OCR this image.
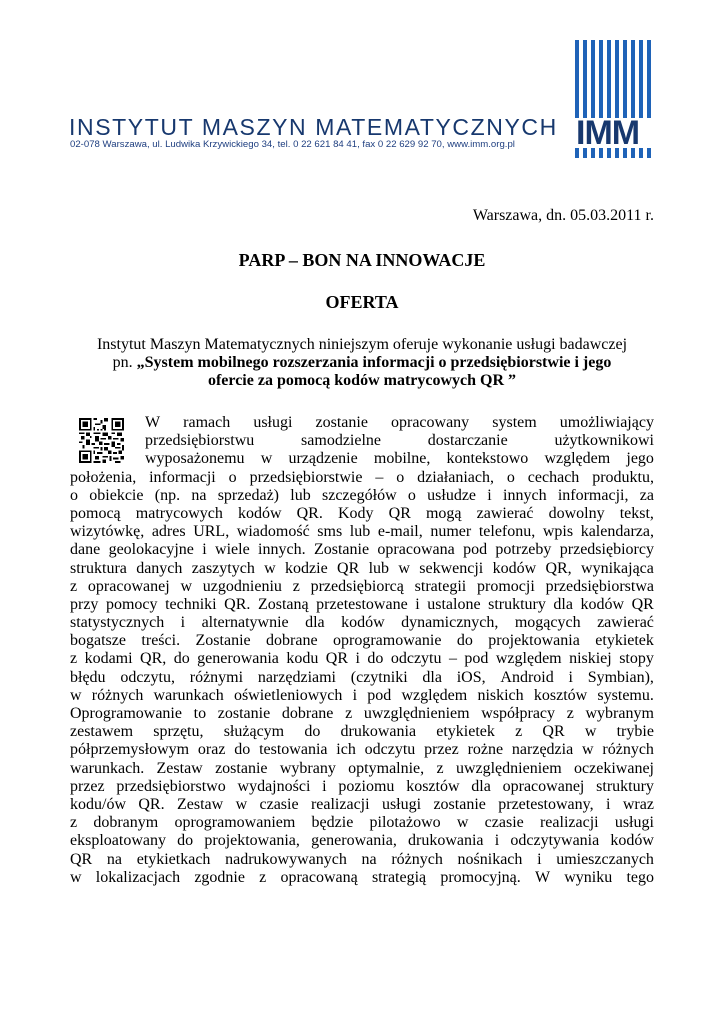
IMM
INSTYTUT MASZYN MATEMATYCZNYCH
02-078 Warszawa, ul. Ludwika Krzywickiego 34, tel. 0 22 621 84 41, fax 0 22 629 92 70, www.imm.org.pl
Warszawa, dn. 05.03.2011 r.
PARP – BON NA INNOWACJE
OFERTA
Instytut Maszyn Matematycznych niniejszym oferuje wykonanie usługi badawczej
pn. „System mobilnego rozszerzania informacji o przedsiębiorstwie i jego
ofercie za pomocą kodów matrycowych QR ”
W ramach usługi zostanie opracowany system umożliwiający
przedsiębiorstwu	samodzielne	dostarczanie	użytkownikowi
wyposażonemu w urządzenie mobilne, kontekstowo względem jego
położenia, informacji o przedsiębiorstwie – o działaniach, o cechach produktu,
o obiekcie (np. na sprzedaż) lub szczegółów o usłudze i innych informacji, za
pomocą matrycowych kodów QR. Kody QR mogą zawierać dowolny tekst,
wizytówkę, adres URL, wiadomość sms lub e-mail, numer telefonu, wpis kalendarza,
dane geolokacyjne i wiele innych. Zostanie opracowana pod potrzeby przedsiębiorcy
struktura danych zaszytych w kodzie QR lub w sekwencji kodów QR, wynikająca
z opracowanej w uzgodnieniu z przedsiębiorcą strategii promocji przedsiębiorstwa
przy pomocy techniki QR. Zostaną przetestowane i ustalone struktury dla kodów QR
statystycznych i alternatywnie dla kodów dynamicznych, mogących zawierać
bogatsze treści. Zostanie dobrane oprogramowanie do projektowania etykietek
z kodami QR, do generowania kodu QR i do odczytu – pod względem niskiej stopy
błędu odczytu, różnymi narzędziami (czytniki dla iOS, Android i Symbian),
w różnych warunkach oświetleniowych i pod względem niskich kosztów systemu.
Oprogramowanie to zostanie dobrane z uwzględnieniem współpracy z wybranym
zestawem sprzętu, służącym do drukowania etykietek z QR w trybie
półprzemysłowym oraz do testowania ich odczytu przez rożne narzędzia w różnych
warunkach. Zestaw zostanie wybrany optymalnie, z uwzględnieniem oczekiwanej
przez przedsiębiorstwo wydajności i poziomu kosztów dla opracowanej struktury
kodu/ów QR. Zestaw w czasie realizacji usługi zostanie przetestowany, i wraz
z dobranym oprogramowaniem będzie pilotażowo w czasie realizacji usługi
eksploatowany do projektowania, generowania, drukowania i odczytywania kodów
QR na etykietkach nadrukowywanych na różnych nośnikach i umieszczanych
w lokalizacjach zgodnie z opracowaną strategią promocyjną. W wyniku tego
